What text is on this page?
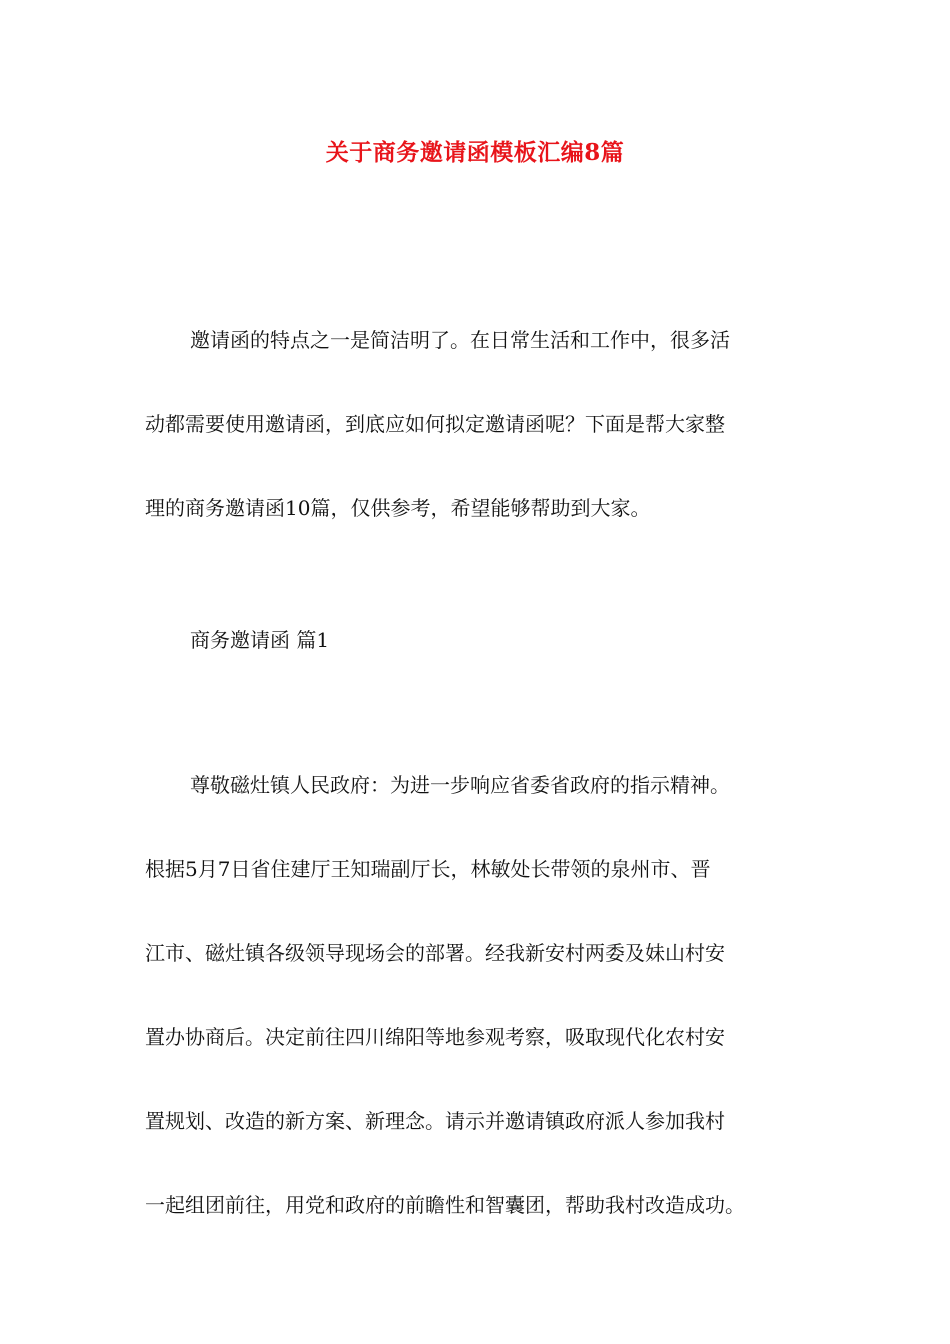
关于商务邀请函模板汇编8篇
邀请函的特点之一是简洁明了。在日常生活和工作中，很多活
动都需要使用邀请函，到底应如何拟定邀请函呢？下面是帮大家整
理的商务邀请函10篇，仅供参考，希望能够帮助到大家。
商务邀请函 篇1
尊敬磁灶镇人民政府：为进一步响应省委省政府的指示精神。
根据5月7日省住建厅王知瑞副厅长，林敏处长带领的泉州市、晋
江市、磁灶镇各级领导现场会的部署。经我新安村两委及妹山村安
置办协商后。决定前往四川绵阳等地参观考察，吸取现代化农村安
置规划、改造的新方案、新理念。请示并邀请镇政府派人参加我村
一起组团前往，用党和政府的前瞻性和智囊团，帮助我村改造成功。
